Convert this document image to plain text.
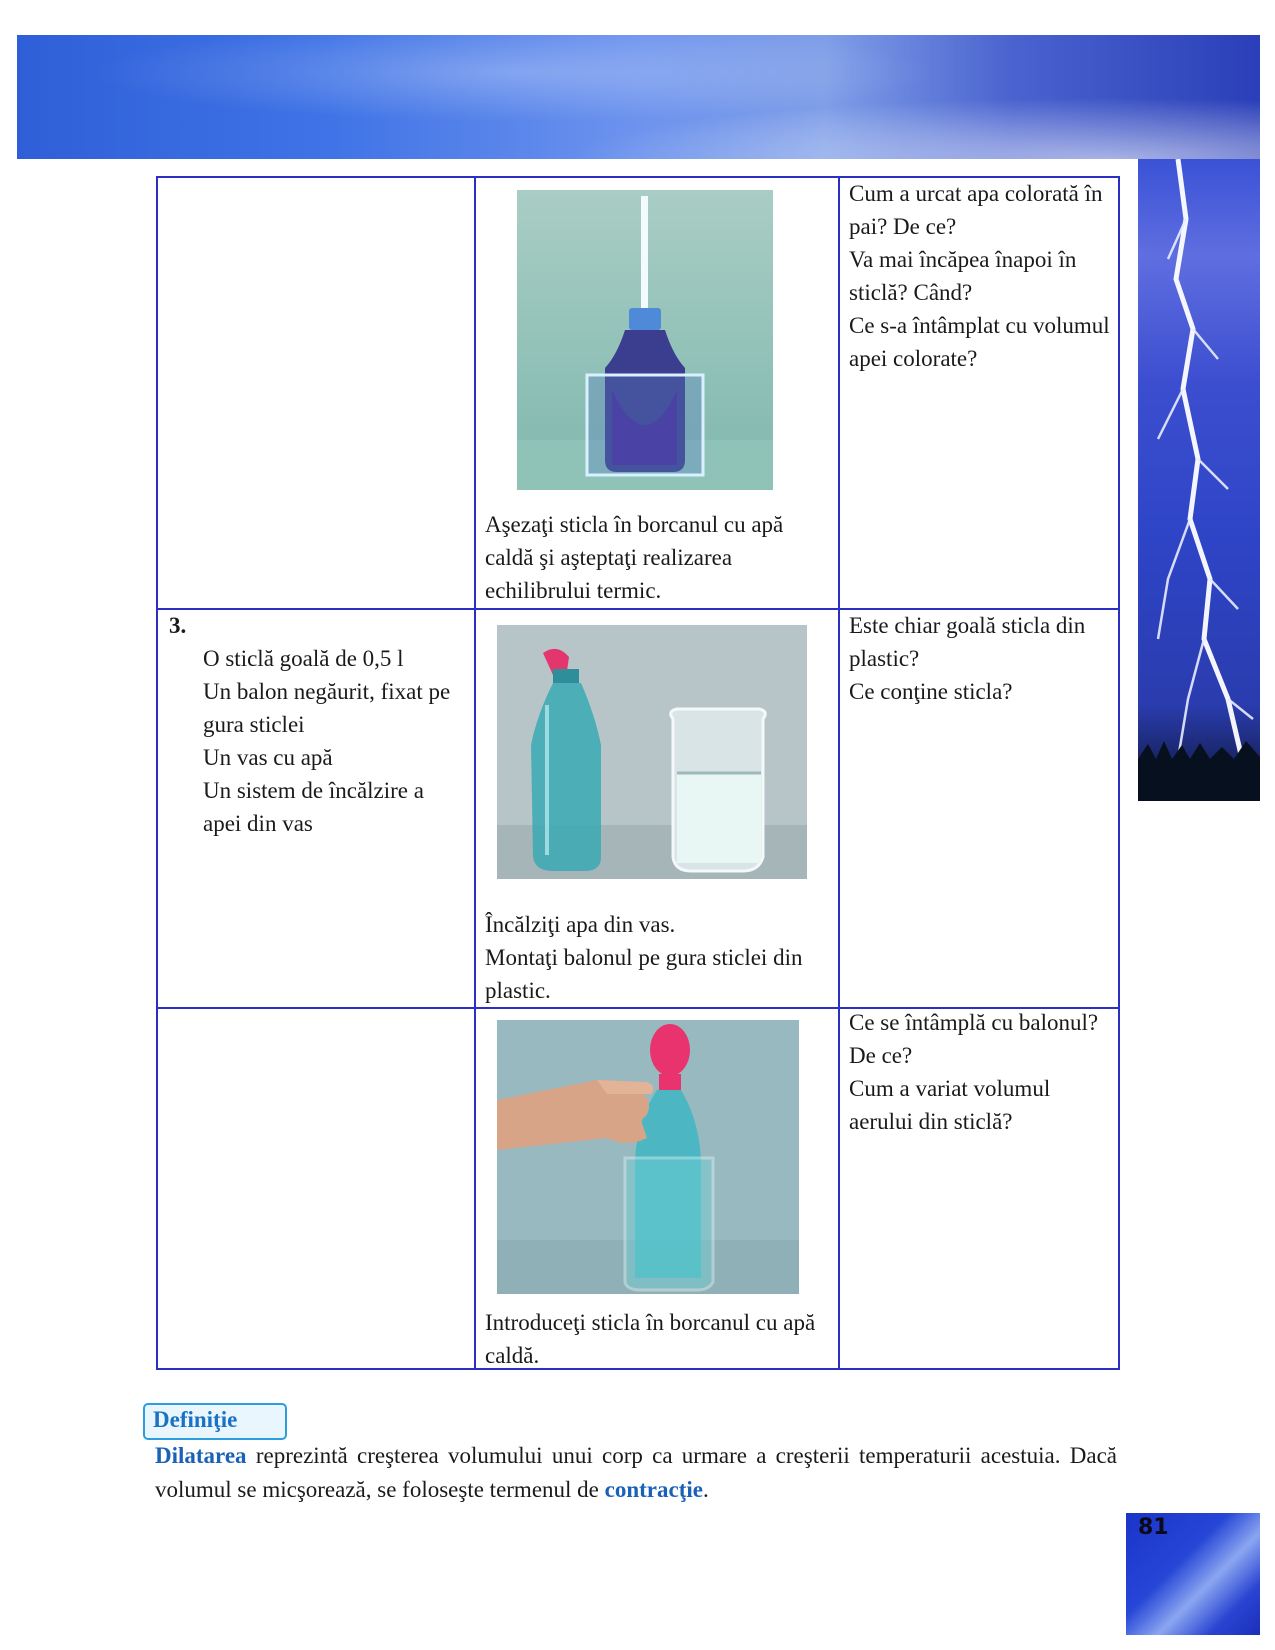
Aşezaţi sticla în borcanul cu apă caldă şi aşteptaţi realizarea echilibrului termic.
Cum a urcat apa colorată în pai? De ce?
Va mai încăpea înapoi în sticlă? Când?
Ce s-a întâmplat cu volumul apei colorate?
3.
O sticlă goală de 0,5 l
Un balon negăurit, fixat pe gura sticlei
Un vas cu apă
Un sistem de încălzire a apei din vas
Încălziţi apa din vas.
Montaţi balonul pe gura sticlei din plastic.
Este chiar goală sticla din plastic?
Ce conţine sticla?
Introduceţi sticla în borcanul cu apă caldă.
Ce se întâmplă cu balonul?
De ce?
Cum a variat volumul aerului din sticlă?
Definiţie
Dilatarea reprezintă creşterea volumului unui corp ca urmare a creşterii temperaturii acestuia. Dacă volumul se micşorează, se foloseşte termenul de contracţie.
81
